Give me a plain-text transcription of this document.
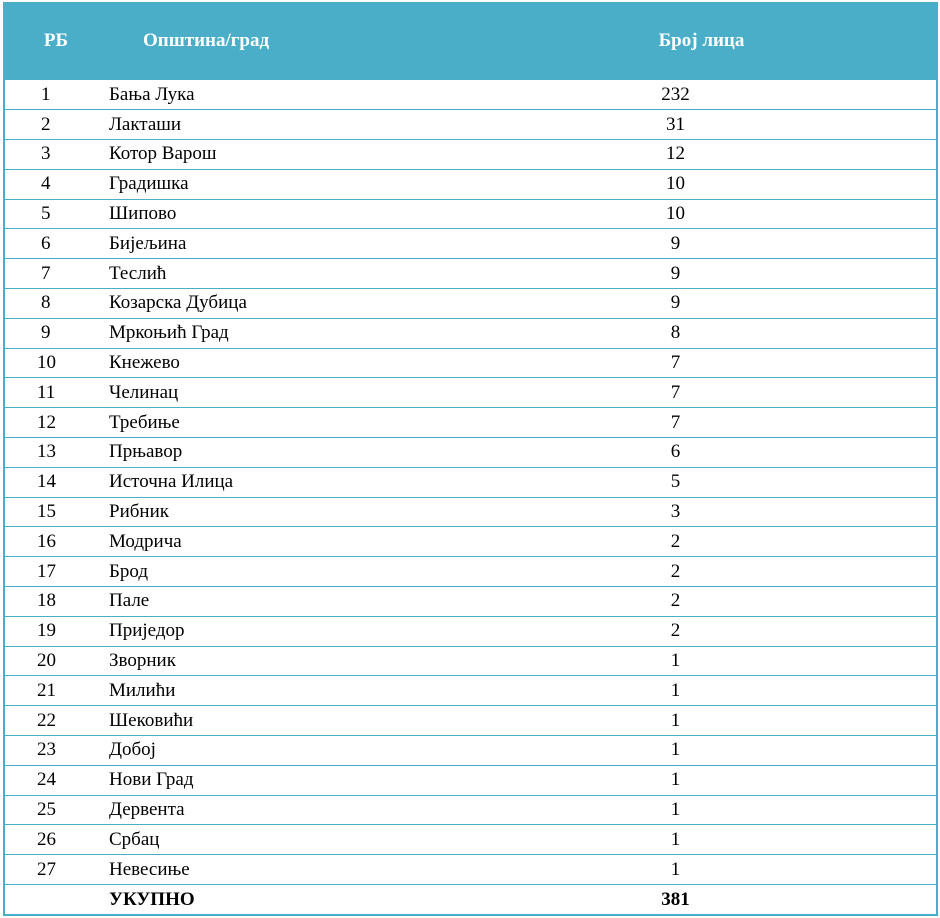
РБ	Општина/град	Број лица
1	Бања Лука	232
2	Лакташи	31
3	Котор Варош	12
4	Градишка	10
5	Шипово	10
6	Бијељина	9
7	Теслић	9
8	Козарска Дубица	9
9	Мркоњић Град	8
10	Кнежево	7
11	Челинац	7
12	Требиње	7
13	Прњавор	6
14	Источна Илица	5
15	Рибник	3
16	Модрича	2
17	Брод	2
18	Пале	2
19	Приједор	2
20	Зворник	1
21	Милићи	1
22	Шековићи	1
23	Добој	1
24	Нови Град	1
25	Дервента	1
26	Србац	1
27	Невесиње	1
	УКУПНО	381
